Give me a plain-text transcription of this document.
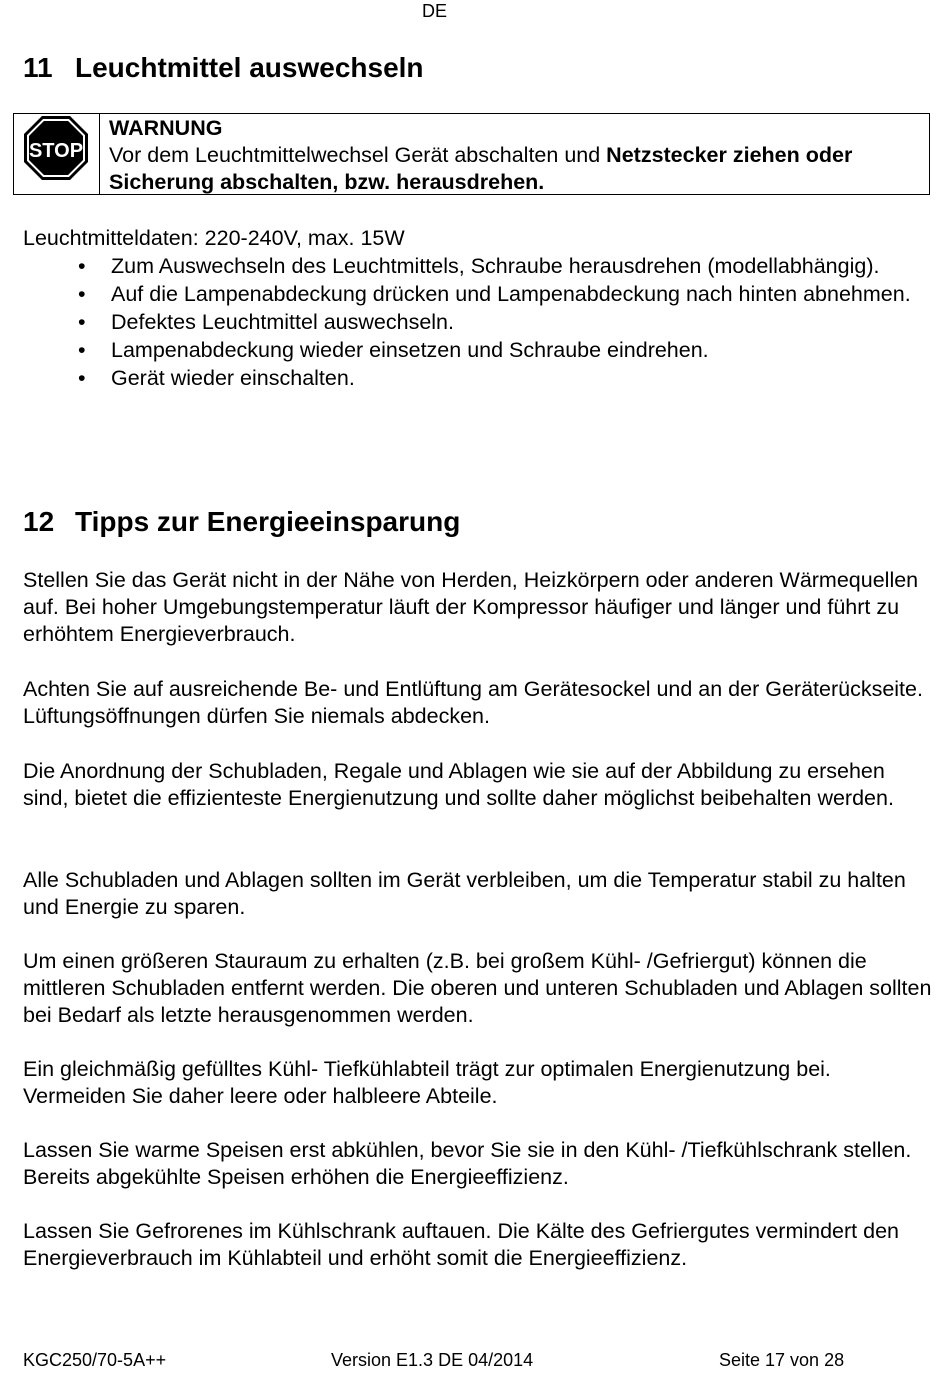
DE
11 Leuchtmittel auswechseln
STOP
WARNUNG
Vor dem Leuchtmittelwechsel Gerät abschalten und Netzstecker ziehen oder Sicherung abschalten, bzw. herausdrehen.
Leuchtmitteldaten: 220-240V, max. 15W
• Zum Auswechseln des Leuchtmittels, Schraube herausdrehen (modellabhängig).
• Auf die Lampenabdeckung drücken und Lampenabdeckung nach hinten abnehmen.
• Defektes Leuchtmittel auswechseln.
• Lampenabdeckung wieder einsetzen und Schraube eindrehen.
• Gerät wieder einschalten.
12 Tipps zur Energieeinsparung

Stellen Sie das Gerät nicht in der Nähe von Herden, Heizkörpern oder anderen Wärmequellen auf. Bei hoher Umgebungstemperatur läuft der Kompressor häufiger und länger und führt zu erhöhtem Energieverbrauch.

Achten Sie auf ausreichende Be- und Entlüftung am Gerätesockel und an der Geräterückseite. Lüftungsöffnungen dürfen Sie niemals abdecken.

Die Anordnung der Schubladen, Regale und Ablagen wie sie auf der Abbildung zu ersehen sind, bietet die effizienteste Energienutzung und sollte daher möglichst beibehalten werden.

Alle Schubladen und Ablagen sollten im Gerät verbleiben, um die Temperatur stabil zu halten und Energie zu sparen.

Um einen größeren Stauraum zu erhalten (z.B. bei großem Kühl- /Gefriergut) können die mittleren Schubladen entfernt werden. Die oberen und unteren Schubladen und Ablagen sollten bei Bedarf als letzte herausgenommen werden.

Ein gleichmäßig gefülltes Kühl- Tiefkühlabteil trägt zur optimalen Energienutzung bei. Vermeiden Sie daher leere oder halbleere Abteile.

Lassen Sie warme Speisen erst abkühlen, bevor Sie sie in den Kühl- /Tiefkühlschrank stellen. Bereits abgekühlte Speisen erhöhen die Energieeffizienz.

Lassen Sie Gefrorenes im Kühlschrank auftauen. Die Kälte des Gefriergutes vermindert den Energieverbrauch im Kühlabteil und erhöht somit die Energieeffizienz.

KGC250/70-5A++	Version E1.3 DE 04/2014	Seite 17 von 28
